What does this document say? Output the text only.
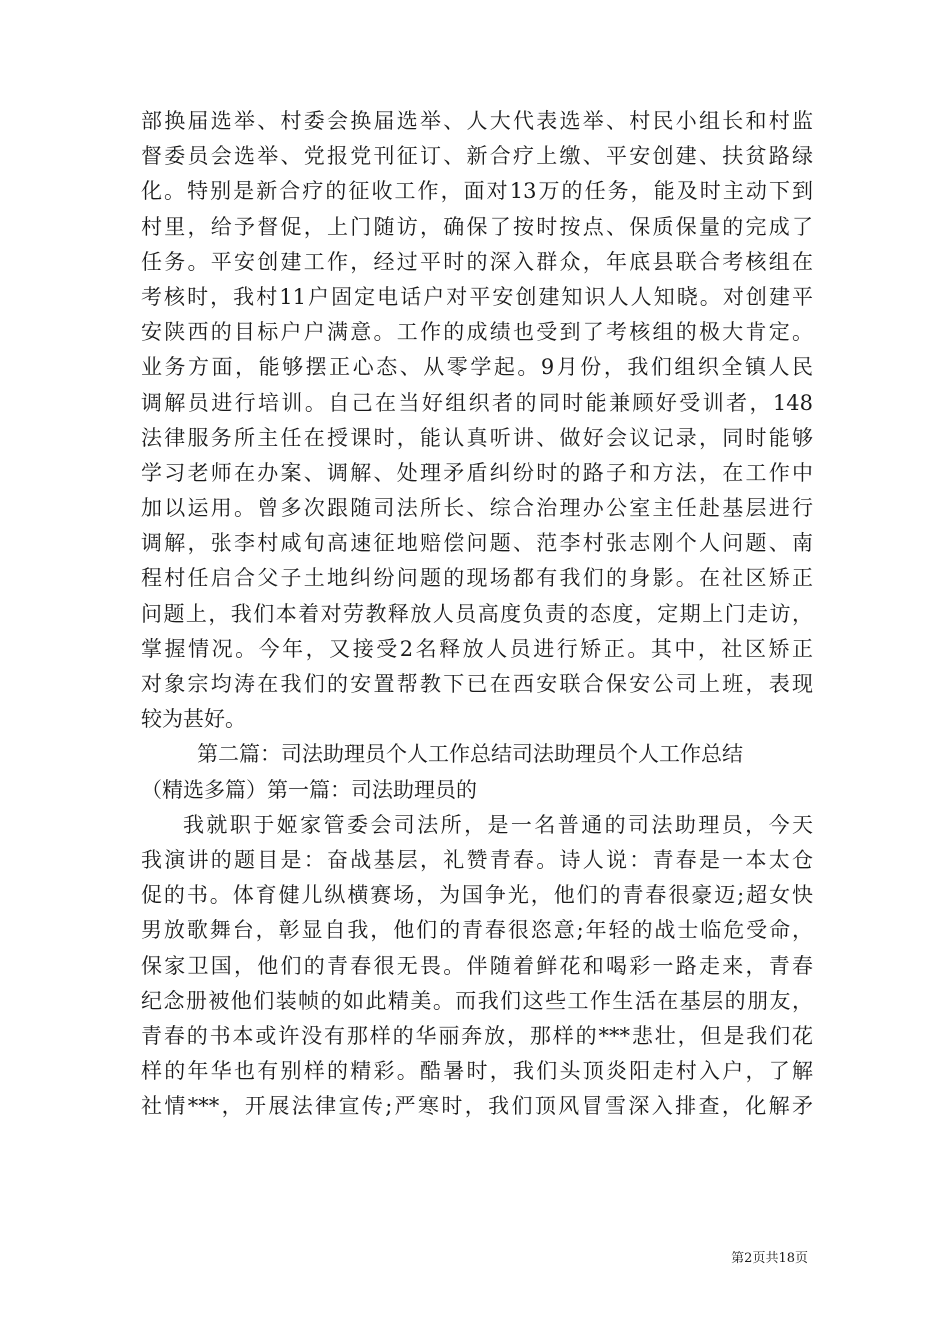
部换届选举、村委会换届选举、人大代表选举、村民小组长和村监
督委员会选举、党报党刊征订、新合疗上缴、平安创建、扶贫路绿
化。特别是新合疗的征收工作，面对13万的任务，能及时主动下到
村里，给予督促，上门随访，确保了按时按点、保质保量的完成了
任务。平安创建工作，经过平时的深入群众，年底县联合考核组在
考核时，我村11户固定电话户对平安创建知识人人知晓。对创建平
安陕西的目标户户满意。工作的成绩也受到了考核组的极大肯定。
业务方面，能够摆正心态、从零学起。9月份，我们组织全镇人民
调解员进行培训。自己在当好组织者的同时能兼顾好受训者，148
法律服务所主任在授课时，能认真听讲、做好会议记录，同时能够
学习老师在办案、调解、处理矛盾纠纷时的路子和方法，在工作中
加以运用。曾多次跟随司法所长、综合治理办公室主任赴基层进行
调解，张李村咸旬高速征地赔偿问题、范李村张志刚个人问题、南
程村任启合父子土地纠纷问题的现场都有我们的身影。在社区矫正
问题上，我们本着对劳教释放人员高度负责的态度，定期上门走访，
掌握情况。今年，又接受2名释放人员进行矫正。其中，社区矫正
对象宗均涛在我们的安置帮教下已在西安联合保安公司上班，表现
较为甚好。
第二篇：司法助理员个人工作总结司法助理员个人工作总结
（精选多篇）第一篇：司法助理员的
我就职于姬家管委会司法所，是一名普通的司法助理员，今天
我演讲的题目是：奋战基层，礼赞青春。诗人说：青春是一本太仓
促的书。体育健儿纵横赛场，为国争光，他们的青春很豪迈;超女快
男放歌舞台，彰显自我，他们的青春很恣意;年轻的战士临危受命，
保家卫国，他们的青春很无畏。伴随着鲜花和喝彩一路走来，青春
纪念册被他们装帧的如此精美。而我们这些工作生活在基层的朋友，
青春的书本或许没有那样的华丽奔放，那样的***悲壮，但是我们花
样的年华也有别样的精彩。酷暑时，我们头顶炎阳走村入户，了解
社情***，开展法律宣传;严寒时，我们顶风冒雪深入排查，化解矛
第2页共18页
